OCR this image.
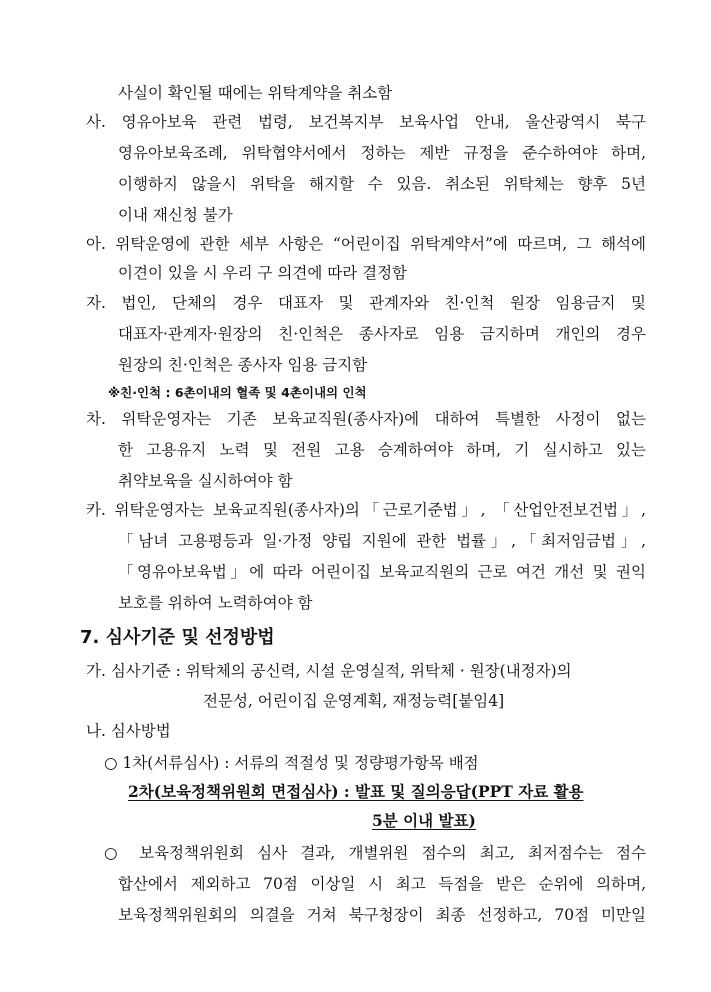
사실이 확인될 때에는 위탁계약을 취소함
사. 영유아보육 관련 법령, 보건복지부 보육사업 안내, 울산광역시 북구
영유아보육조례, 위탁협약서에서 정하는 제반 규정을 준수하여야 하며,
이행하지 않을시 위탁을 해지할 수 있음. 취소된 위탁체는 향후 5년
이내 재신청 불가
아. 위탁운영에 관한 세부 사항은 “어린이집 위탁계약서”에 따르며, 그 해석에
이견이 있을 시 우리 구 의견에 따라 결정함
자. 법인, 단체의 경우 대표자 및 관계자와 친·인척 원장 임용금지 및
대표자·관계자·원장의 친·인척은 종사자로 임용 금지하며 개인의 경우
원장의 친·인척은 종사자 임용 금지함
※친·인척 : 6촌이내의 혈족 및 4촌이내의 인척
차. 위탁운영자는 기존 보육교직원(종사자)에 대하여 특별한 사정이 없는
한 고용유지 노력 및 전원 고용 승계하여야 하며, 기 실시하고 있는
취약보육을 실시하여야 함
카. 위탁운영자는 보육교직원(종사자)의「근로기준법」, 「산업안전보건법」,
「남녀 고용평등과 일·가정 양립 지원에 관한 법률」,「최저임금법」,
「영유아보육법」에 따라 어린이집 보육교직원의 근로 여건 개선 및 권익
보호를 위하여 노력하여야 함
7. 심사기준 및 선정방법
가. 심사기준 : 위탁체의 공신력, 시설 운영실적, 위탁체 · 원장(내정자)의
전문성, 어린이집 운영계획, 재정능력[붙임4]
나. 심사방법
○ 1차(서류심사) : 서류의 적절성 및 정량평가항목 배점
2차(보육정책위원회 면접심사) : 발표 및 질의응답(PPT 자료 활용
5분 이내 발표)
○ 보육정책위원회 심사 결과, 개별위원 점수의 최고, 최저점수는 점수
합산에서 제외하고 70점 이상일 시 최고 득점을 받은 순위에 의하며,
보육정책위원회의 의결을 거쳐 북구청장이 최종 선정하고, 70점 미만일
